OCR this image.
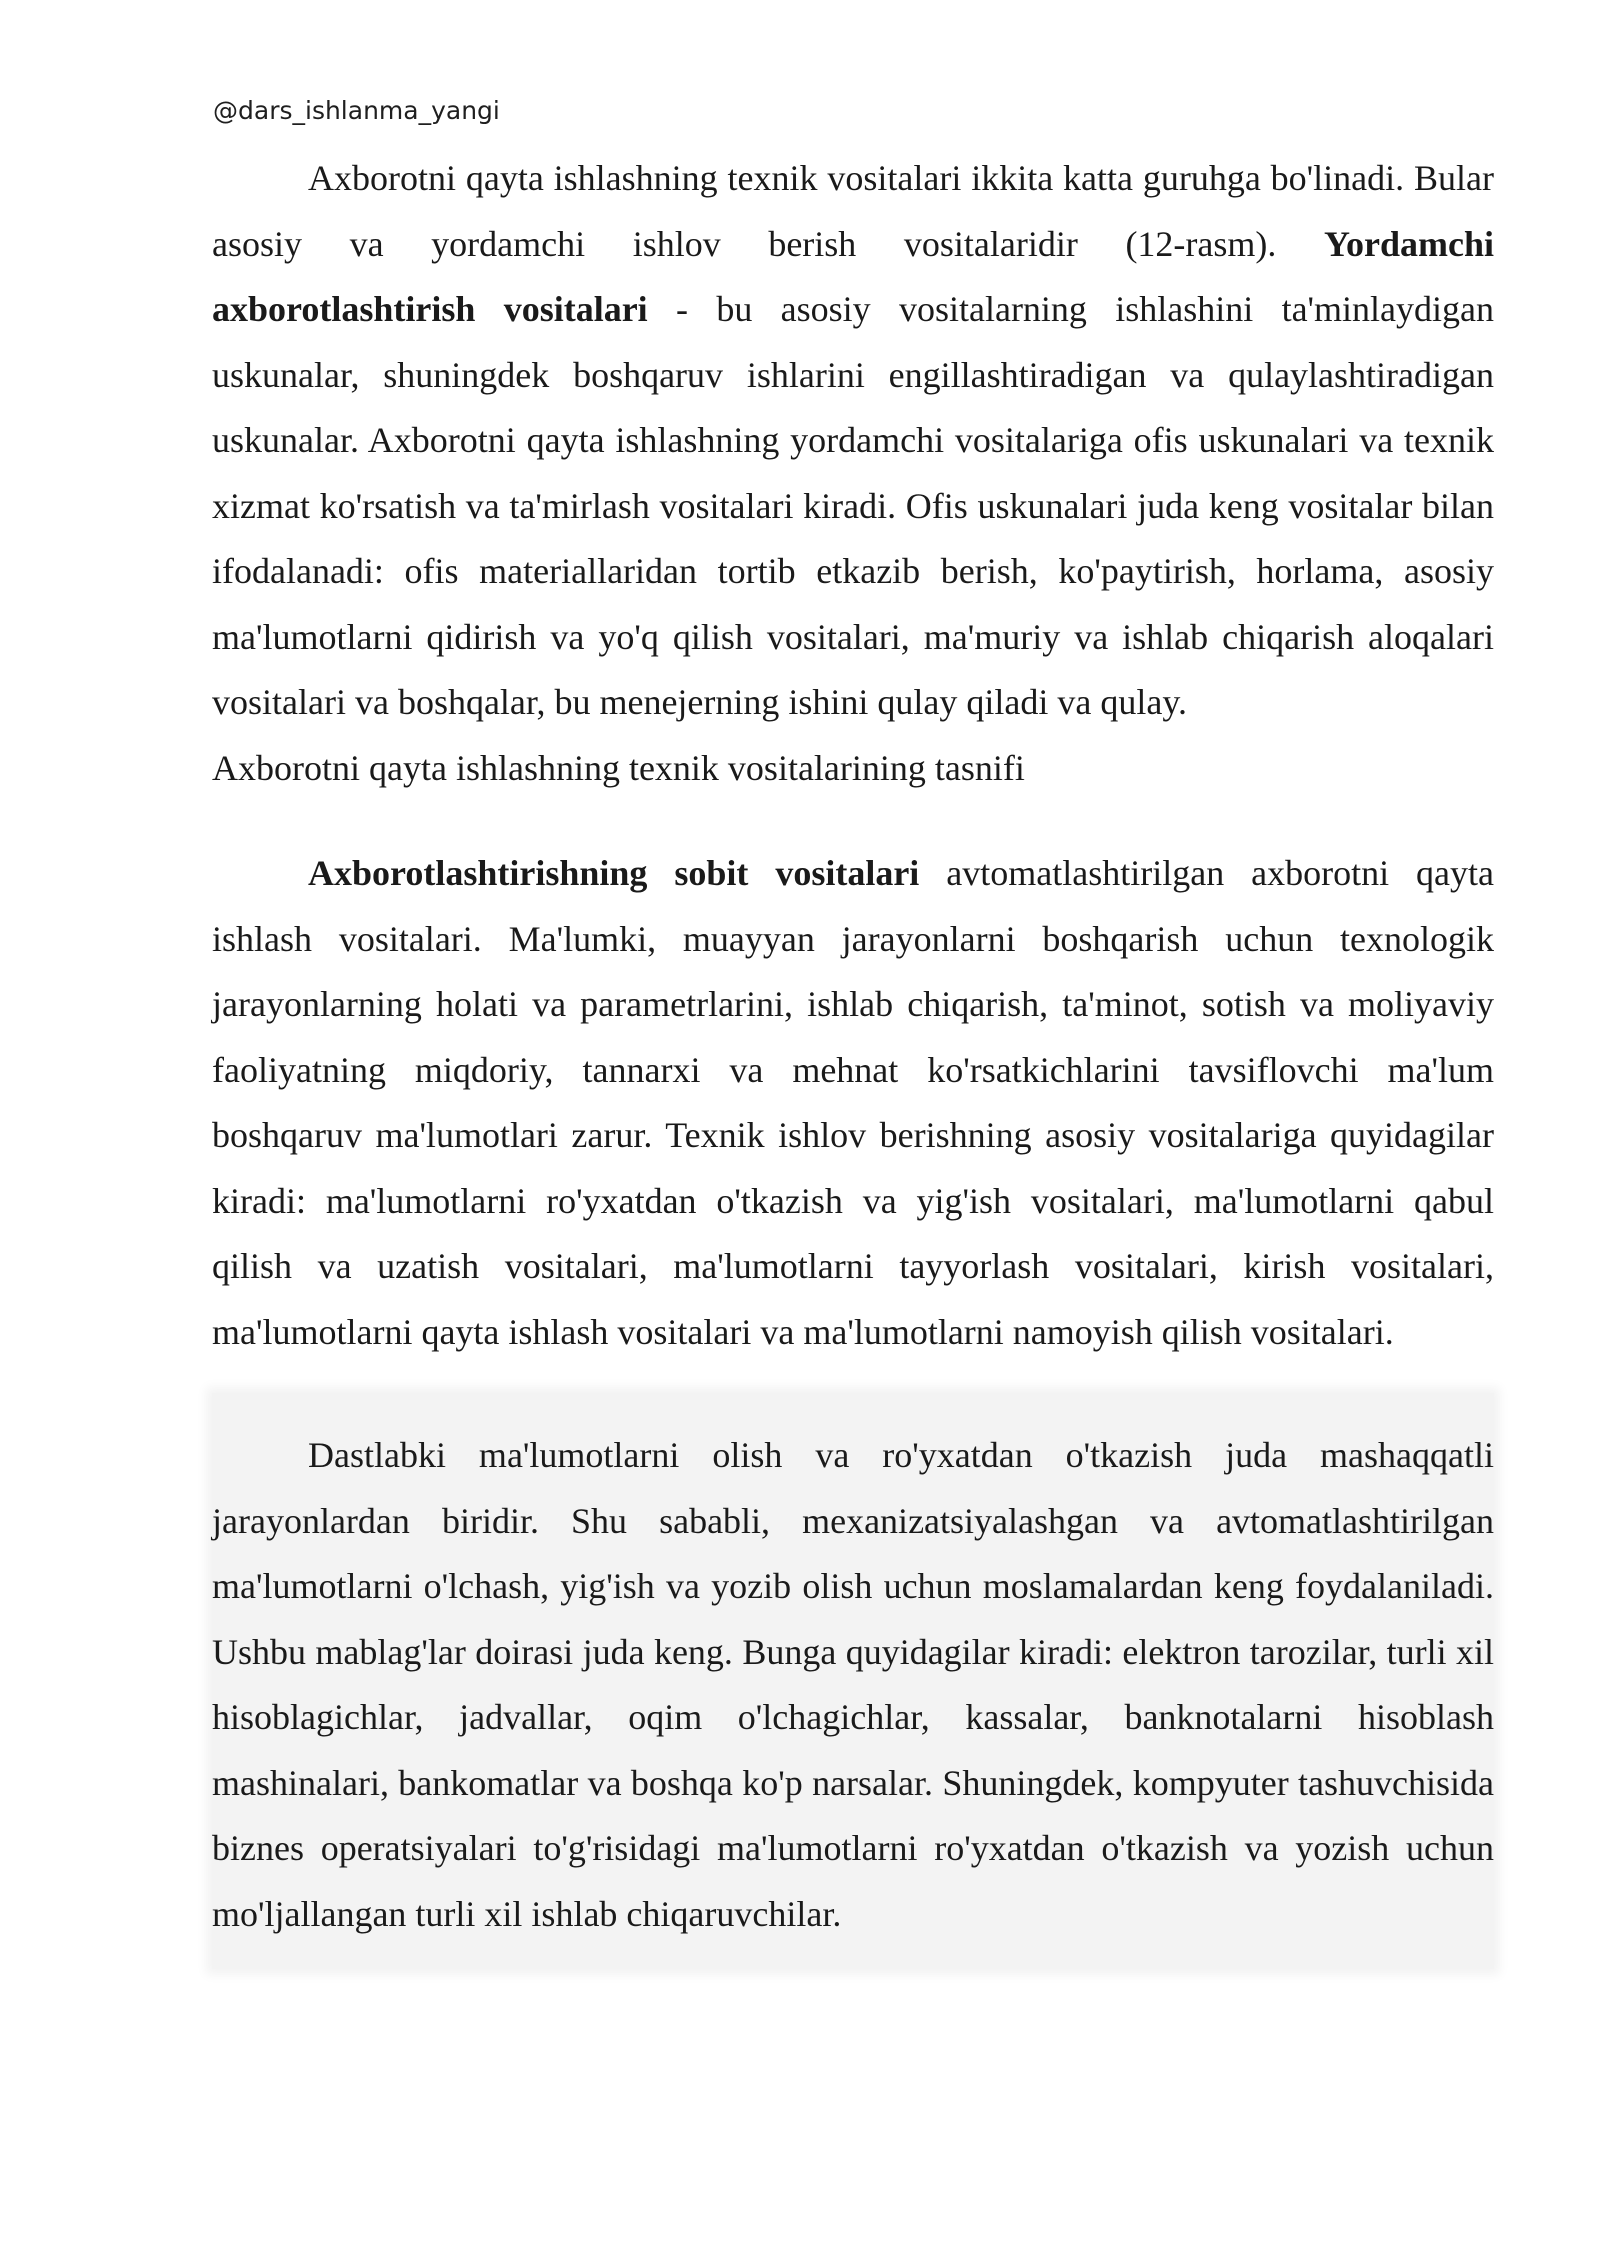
@dars_ishlanma_yangi

Axborotni qayta ishlashning texnik vositalari ikkita katta guruhga bo'linadi. Bular asosiy va yordamchi ishlov berish vositalaridir (12-rasm). Yordamchi axborotlashtirish vositalari - bu asosiy vositalarning ishlashini ta'minlaydigan uskunalar, shuningdek boshqaruv ishlarini engillashtiradigan va qulaylashtiradigan uskunalar. Axborotni qayta ishlashning yordamchi vositalariga ofis uskunalari va texnik xizmat ko'rsatish va ta'mirlash vositalari kiradi. Ofis uskunalari juda keng vositalar bilan ifodalanadi: ofis materiallaridan tortib etkazib berish, ko'paytirish, horlama, asosiy ma'lumotlarni qidirish va yo'q qilish vositalari, ma'muriy va ishlab chiqarish aloqalari vositalari va boshqalar, bu menejerning ishini qulay qiladi va qulay.

Axborotni qayta ishlashning texnik vositalarining tasnifi

Axborotlashtirishning sobit vositalari avtomatlashtirilgan axborotni qayta ishlash vositalari. Ma'lumki, muayyan jarayonlarni boshqarish uchun texnologik jarayonlarning holati va parametrlarini, ishlab chiqarish, ta'minot, sotish va moliyaviy faoliyatning miqdoriy, tannarxi va mehnat ko'rsatkichlarini tavsiflovchi ma'lum boshqaruv ma'lumotlari zarur. Texnik ishlov berishning asosiy vositalariga quyidagilar kiradi: ma'lumotlarni ro'yxatdan o'tkazish va yig'ish vositalari, ma'lumotlarni qabul qilish va uzatish vositalari, ma'lumotlarni tayyorlash vositalari, kirish vositalari, ma'lumotlarni qayta ishlash vositalari va ma'lumotlarni namoyish qilish vositalari.

Dastlabki ma'lumotlarni olish va ro'yxatdan o'tkazish juda mashaqqatli jarayonlardan biridir. Shu sababli, mexanizatsiyalashgan va avtomatlashtirilgan ma'lumotlarni o'lchash, yig'ish va yozib olish uchun moslamalardan keng foydalaniladi. Ushbu mablag'lar doirasi juda keng. Bunga quyidagilar kiradi: elektron tarozilar, turli xil hisoblagichlar, jadvallar, oqim o'lchagichlar, kassalar, banknotalarni hisoblash mashinalari, bankomatlar va boshqa ko'p narsalar. Shuningdek, kompyuter tashuvchisida biznes operatsiyalari to'g'risidagi ma'lumotlarni ro'yxatdan o'tkazish va yozish uchun mo'ljallangan turli xil ishlab chiqaruvchilar.
